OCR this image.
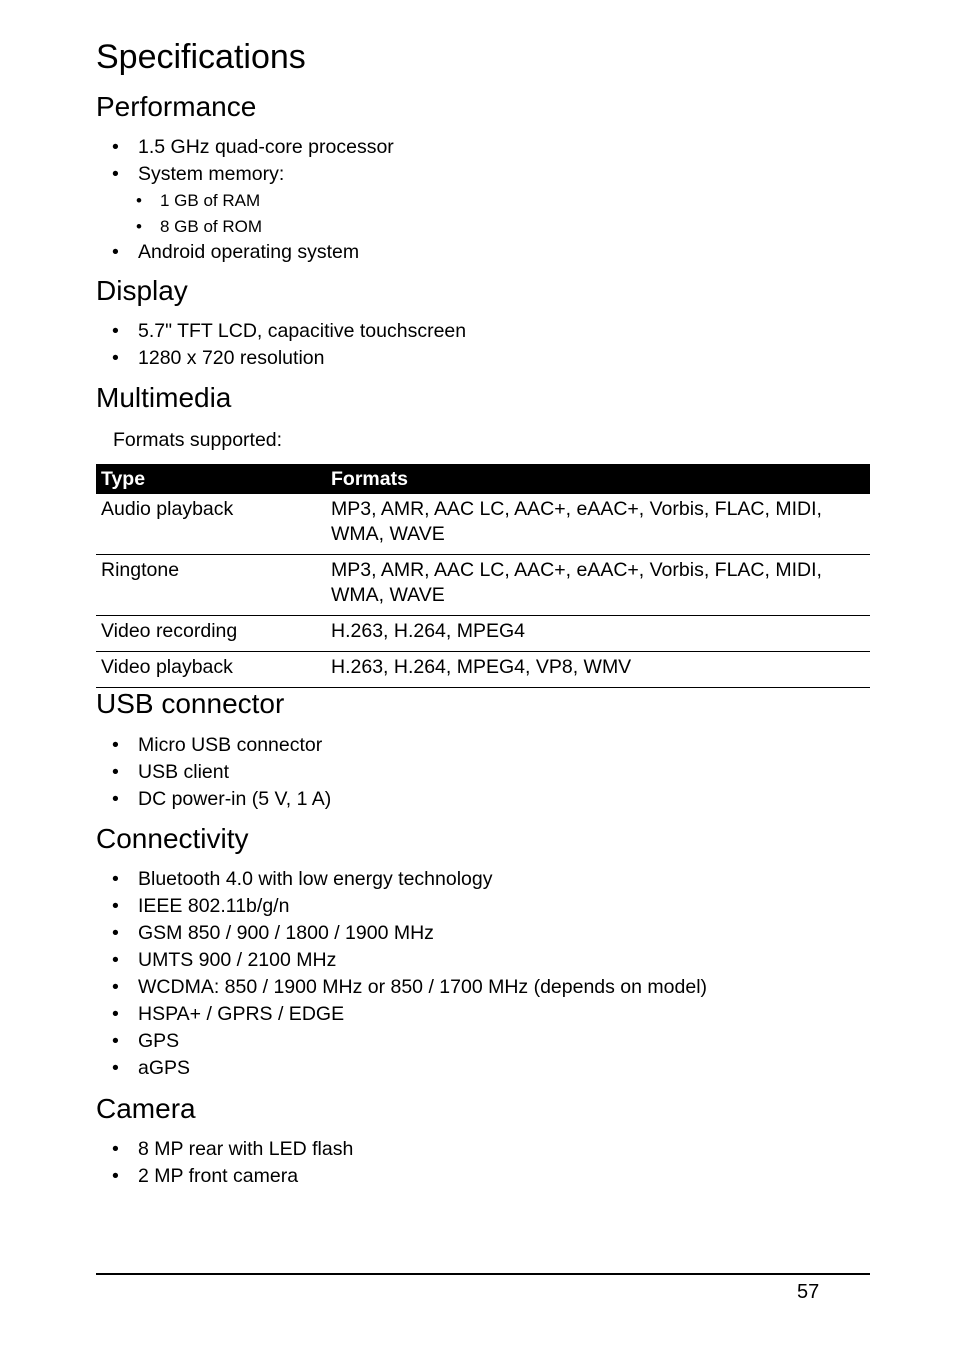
Specifications
Performance
• 1.5 GHz quad-core processor
• System memory:
• 1 GB of RAM
• 8 GB of ROM
• Android operating system
Display
• 5.7" TFT LCD, capacitive touchscreen
• 1280 x 720 resolution
Multimedia
Formats supported:
Type	Formats
Audio playback	MP3, AMR, AAC LC, AAC+, eAAC+, Vorbis, FLAC, MIDI, WMA, WAVE
Ringtone	MP3, AMR, AAC LC, AAC+, eAAC+, Vorbis, FLAC, MIDI, WMA, WAVE
Video recording	H.263, H.264, MPEG4
Video playback	H.263, H.264, MPEG4, VP8, WMV
USB connector
• Micro USB connector
• USB client
• DC power-in (5 V, 1 A)
Connectivity
• Bluetooth 4.0 with low energy technology
• IEEE 802.11b/g/n
• GSM 850 / 900 / 1800 / 1900 MHz
• UMTS 900 / 2100 MHz
• WCDMA: 850 / 1900 MHz or 850 / 1700 MHz (depends on model)
• HSPA+ / GPRS / EDGE
• GPS
• aGPS
Camera
• 8 MP rear with LED flash
• 2 MP front camera
57
